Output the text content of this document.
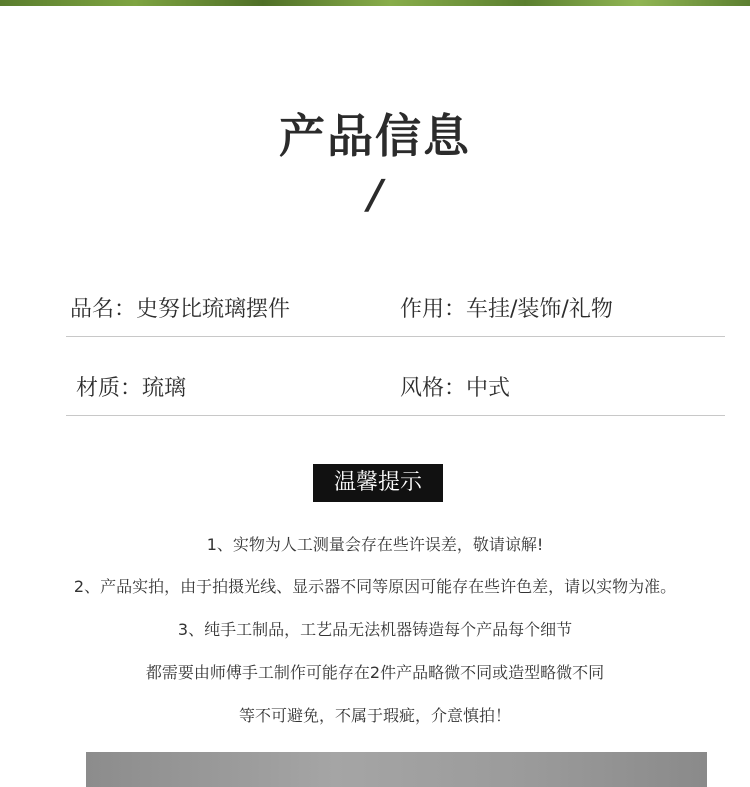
产品信息
/
品名：史努比琉璃摆件	作用：车挂/装饰/礼物
材质：琉璃	风格：中式
温馨提示
1、实物为人工测量会存在些许误差，敬请谅解!
2、产品实拍，由于拍摄光线、显示器不同等原因可能存在些许色差，请以实物为准。
3、纯手工制品，工艺品无法机器铸造每个产品每个细节
都需要由师傅手工制作可能存在2件产品略微不同或造型略微不同
等不可避免，不属于瑕疵，介意慎拍！
